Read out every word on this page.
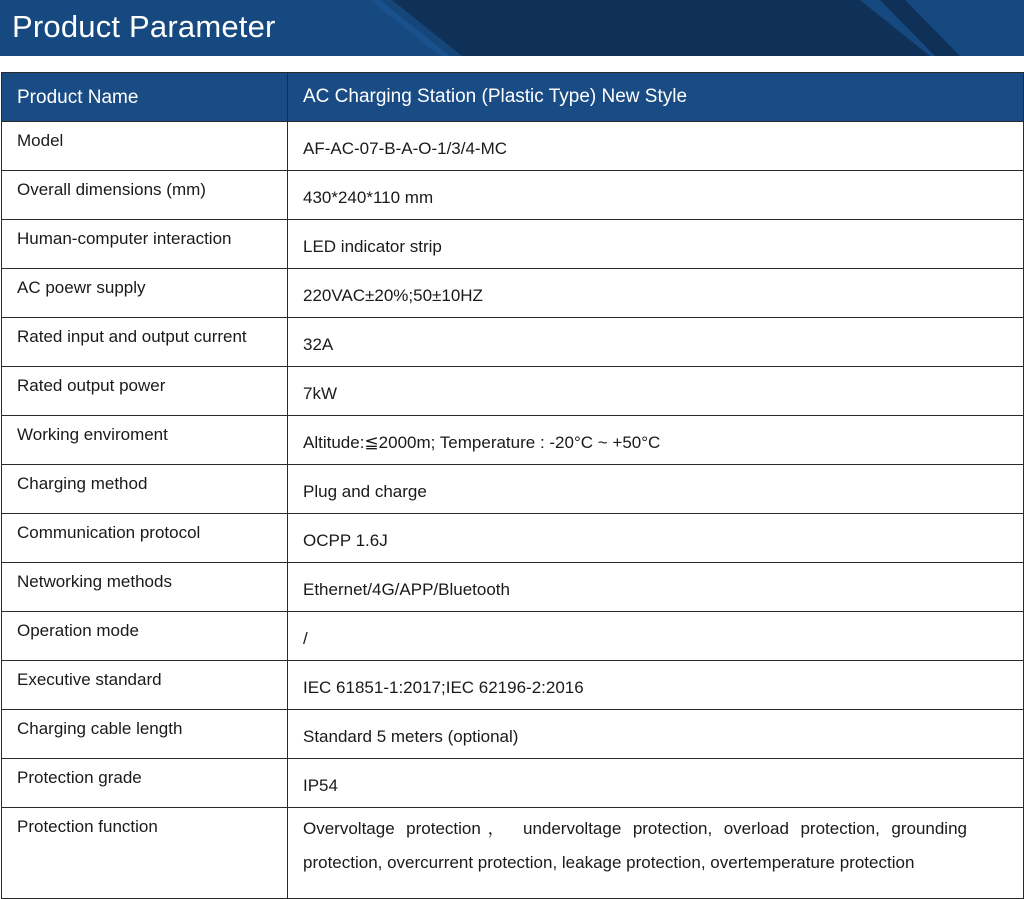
Product Parameter
Product Name	AC Charging Station (Plastic Type) New Style
Model	AF-AC-07-B-A-O-1/3/4-MC
Overall dimensions (mm)	430*240*110 mm
Human-computer interaction	LED indicator strip
AC poewr supply	220VAC±20%;50±10HZ
Rated input and output current	32A
Rated output power	7kW
Working enviroment	Altitude:≦2000m; Temperature : -20°C ~ +50°C
Charging method	Plug and charge
Communication protocol	OCPP 1.6J
Networking methods	Ethernet/4G/APP/Bluetooth
Operation mode	/
Executive standard	IEC 61851-1:2017;IEC 62196-2:2016
Charging cable length	Standard 5 meters (optional)
Protection grade	IP54
Protection function	Overvoltage protection， undervoltage protection, overload protection, grounding protection, overcurrent protection, leakage protection, overtemperature protection
